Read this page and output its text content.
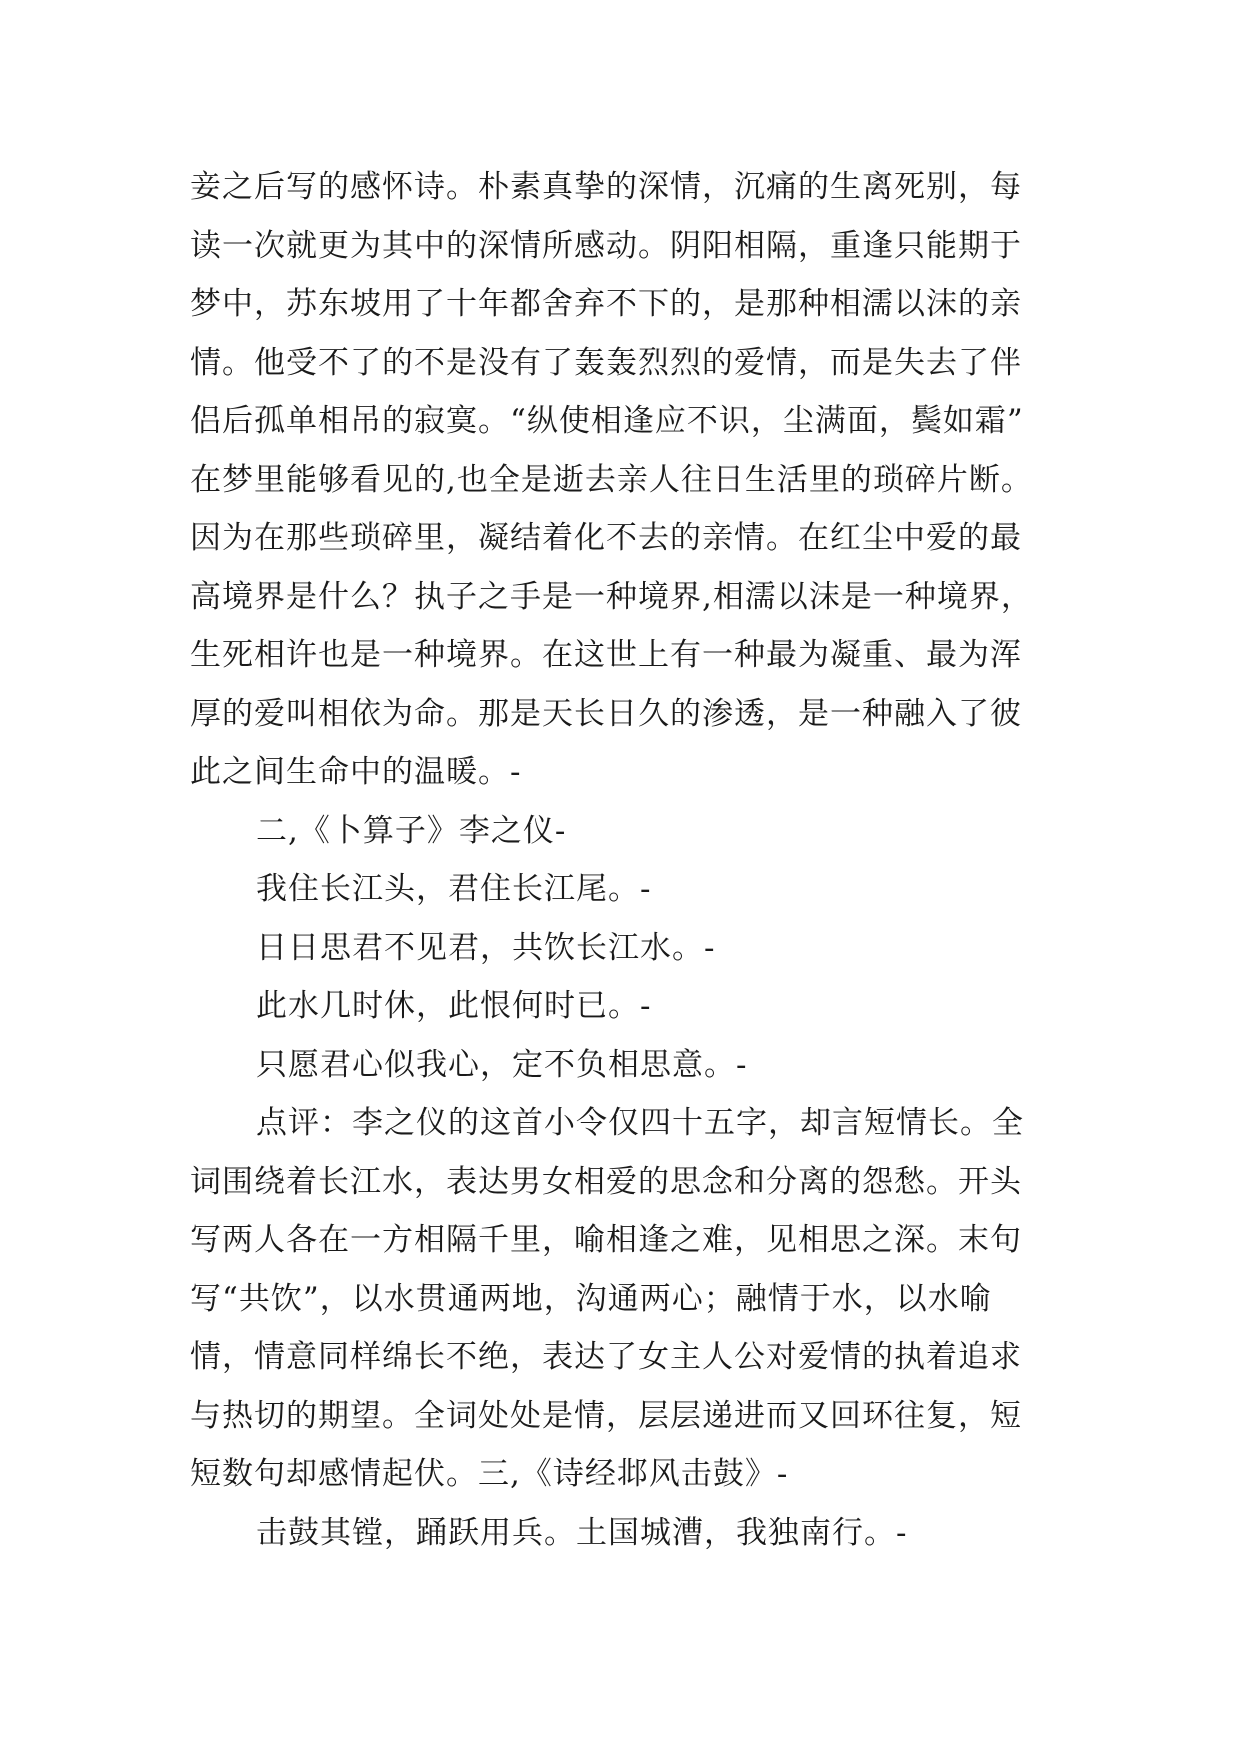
妾之后写的感怀诗。朴素真挚的深情，沉痛的生离死别，每
读一次就更为其中的深情所感动。阴阳相隔，重逢只能期于
梦中，苏东坡用了十年都舍弃不下的，是那种相濡以沫的亲
情。他受不了的不是没有了轰轰烈烈的爱情，而是失去了伴
侣后孤单相吊的寂寞。“纵使相逢应不识，尘满面，鬓如霜”
在梦里能够看见的,也全是逝去亲人往日生活里的琐碎片断。
因为在那些琐碎里，凝结着化不去的亲情。在红尘中爱的最
高境界是什么？执子之手是一种境界,相濡以沫是一种境界，
生死相许也是一种境界。在这世上有一种最为凝重、最为浑
厚的爱叫相依为命。那是天长日久的渗透，是一种融入了彼
此之间生命中的温暖。-
二,《卜算子》李之仪-
我住长江头，君住长江尾。-
日日思君不见君，共饮长江水。-
此水几时休，此恨何时已。-
只愿君心似我心，定不负相思意。-
点评：李之仪的这首小令仅四十五字，却言短情长。全
词围绕着长江水，表达男女相爱的思念和分离的怨愁。开头
写两人各在一方相隔千里，喻相逢之难，见相思之深。末句
写“共饮”，以水贯通两地，沟通两心；融情于水，以水喻
情，情意同样绵长不绝，表达了女主人公对爱情的执着追求
与热切的期望。全词处处是情，层层递进而又回环往复，短
短数句却感情起伏。三,《诗经邶风击鼓》-
击鼓其镗，踊跃用兵。土国城漕，我独南行。-
